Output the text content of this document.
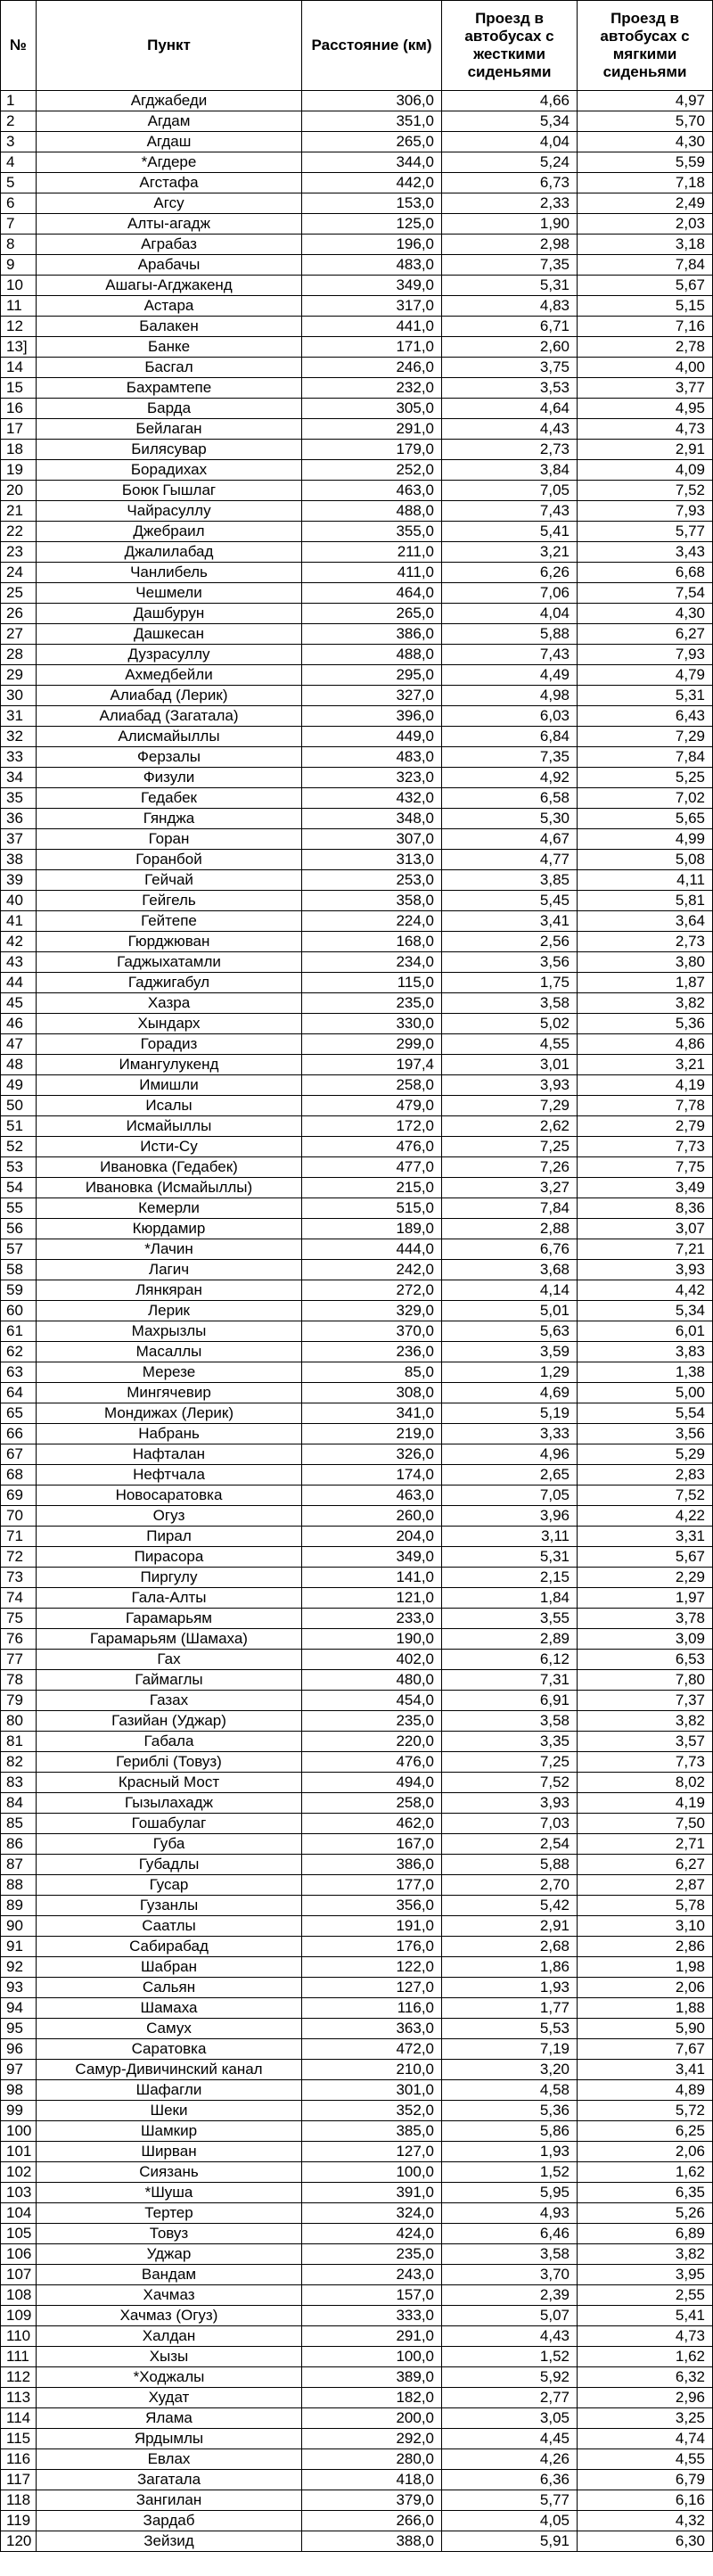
№	Пункт	Расстояние (км)	Проезд в автобусах с жесткими сиденьями	Проезд в автобусах с мягкими сиденьями
1	Агджабеди	306,0	4,66	4,97
2	Агдам	351,0	5,34	5,70
3	Агдаш	265,0	4,04	4,30
4	*Агдере	344,0	5,24	5,59
5	Агстафа	442,0	6,73	7,18
6	Агсу	153,0	2,33	2,49
7	Алты-агадж	125,0	1,90	2,03
8	Аграбаз	196,0	2,98	3,18
9	Арабачы	483,0	7,35	7,84
10	Ашагы-Агджакенд	349,0	5,31	5,67
11	Астара	317,0	4,83	5,15
12	Балакен	441,0	6,71	7,16
13]	Банке	171,0	2,60	2,78
14	Басгал	246,0	3,75	4,00
15	Бахрамтепе	232,0	3,53	3,77
16	Барда	305,0	4,64	4,95
17	Бейлаган	291,0	4,43	4,73
18	Билясувар	179,0	2,73	2,91
19	Борадихах	252,0	3,84	4,09
20	Боюк Гышлаг	463,0	7,05	7,52
21	Чайрасуллу	488,0	7,43	7,93
22	Джебраил	355,0	5,41	5,77
23	Джалилабад	211,0	3,21	3,43
24	Чанлибель	411,0	6,26	6,68
25	Чешмели	464,0	7,06	7,54
26	Дашбурун	265,0	4,04	4,30
27	Дашкесан	386,0	5,88	6,27
28	Дузрасуллу	488,0	7,43	7,93
29	Ахмедбейли	295,0	4,49	4,79
30	Алиабад (Лерик)	327,0	4,98	5,31
31	Алиабад (Загатала)	396,0	6,03	6,43
32	Алисмайыллы	449,0	6,84	7,29
33	Ферзалы	483,0	7,35	7,84
34	Физули	323,0	4,92	5,25
35	Гедабек	432,0	6,58	7,02
36	Гянджа	348,0	5,30	5,65
37	Горан	307,0	4,67	4,99
38	Горанбой	313,0	4,77	5,08
39	Гейчай	253,0	3,85	4,11
40	Гейгель	358,0	5,45	5,81
41	Гейтепе	224,0	3,41	3,64
42	Гюрджюван	168,0	2,56	2,73
43	Гаджыхатамли	234,0	3,56	3,80
44	Гаджигабул	115,0	1,75	1,87
45	Хазра	235,0	3,58	3,82
46	Хындарх	330,0	5,02	5,36
47	Горадиз	299,0	4,55	4,86
48	Имангулукенд	197,4	3,01	3,21
49	Имишли	258,0	3,93	4,19
50	Исалы	479,0	7,29	7,78
51	Исмайыллы	172,0	2,62	2,79
52	Исти-Су	476,0	7,25	7,73
53	Ивановка (Гедабек)	477,0	7,26	7,75
54	Ивановка (Исмайыллы)	215,0	3,27	3,49
55	Кемерли	515,0	7,84	8,36
56	Кюрдамир	189,0	2,88	3,07
57	*Лачин	444,0	6,76	7,21
58	Лагич	242,0	3,68	3,93
59	Лянкяран	272,0	4,14	4,42
60	Лерик	329,0	5,01	5,34
61	Махрызлы	370,0	5,63	6,01
62	Масаллы	236,0	3,59	3,83
63	Мерезе	85,0	1,29	1,38
64	Мингячевир	308,0	4,69	5,00
65	Мондижах (Лерик)	341,0	5,19	5,54
66	Набрань	219,0	3,33	3,56
67	Нафталан	326,0	4,96	5,29
68	Нефтчала	174,0	2,65	2,83
69	Новосаратовка	463,0	7,05	7,52
70	Огуз	260,0	3,96	4,22
71	Пирал	204,0	3,11	3,31
72	Пирасора	349,0	5,31	5,67
73	Пиргулу	141,0	2,15	2,29
74	Гала-Алты	121,0	1,84	1,97
75	Гарамарьям	233,0	3,55	3,78
76	Гарамарьям (Шамаха)	190,0	2,89	3,09
77	Гах	402,0	6,12	6,53
78	Гаймаглы	480,0	7,31	7,80
79	Газах	454,0	6,91	7,37
80	Газийан (Уджар)	235,0	3,58	3,82
81	Габала	220,0	3,35	3,57
82	Гериблі (Товуз)	476,0	7,25	7,73
83	Красный Мост	494,0	7,52	8,02
84	Гызылахадж	258,0	3,93	4,19
85	Гошабулаг	462,0	7,03	7,50
86	Губа	167,0	2,54	2,71
87	Губадлы	386,0	5,88	6,27
88	Гусар	177,0	2,70	2,87
89	Гузанлы	356,0	5,42	5,78
90	Саатлы	191,0	2,91	3,10
91	Сабирабад	176,0	2,68	2,86
92	Шабран	122,0	1,86	1,98
93	Сальян	127,0	1,93	2,06
94	Шамаха	116,0	1,77	1,88
95	Самух	363,0	5,53	5,90
96	Саратовка	472,0	7,19	7,67
97	Самур-Дивичинский канал	210,0	3,20	3,41
98	Шафагли	301,0	4,58	4,89
99	Шеки	352,0	5,36	5,72
100	Шамкир	385,0	5,86	6,25
101	Ширван	127,0	1,93	2,06
102	Сиязань	100,0	1,52	1,62
103	*Шуша	391,0	5,95	6,35
104	Тертер	324,0	4,93	5,26
105	Товуз	424,0	6,46	6,89
106	Уджар	235,0	3,58	3,82
107	Вандам	243,0	3,70	3,95
108	Хачмаз	157,0	2,39	2,55
109	Хачмаз (Огуз)	333,0	5,07	5,41
110	Халдан	291,0	4,43	4,73
111	Хызы	100,0	1,52	1,62
112	*Ходжалы	389,0	5,92	6,32
113	Худат	182,0	2,77	2,96
114	Ялама	200,0	3,05	3,25
115	Ярдымлы	292,0	4,45	4,74
116	Евлах	280,0	4,26	4,55
117	Загатала	418,0	6,36	6,79
118	Зангилан	379,0	5,77	6,16
119	Зардаб	266,0	4,05	4,32
120	Зейзид	388,0	5,91	6,30
